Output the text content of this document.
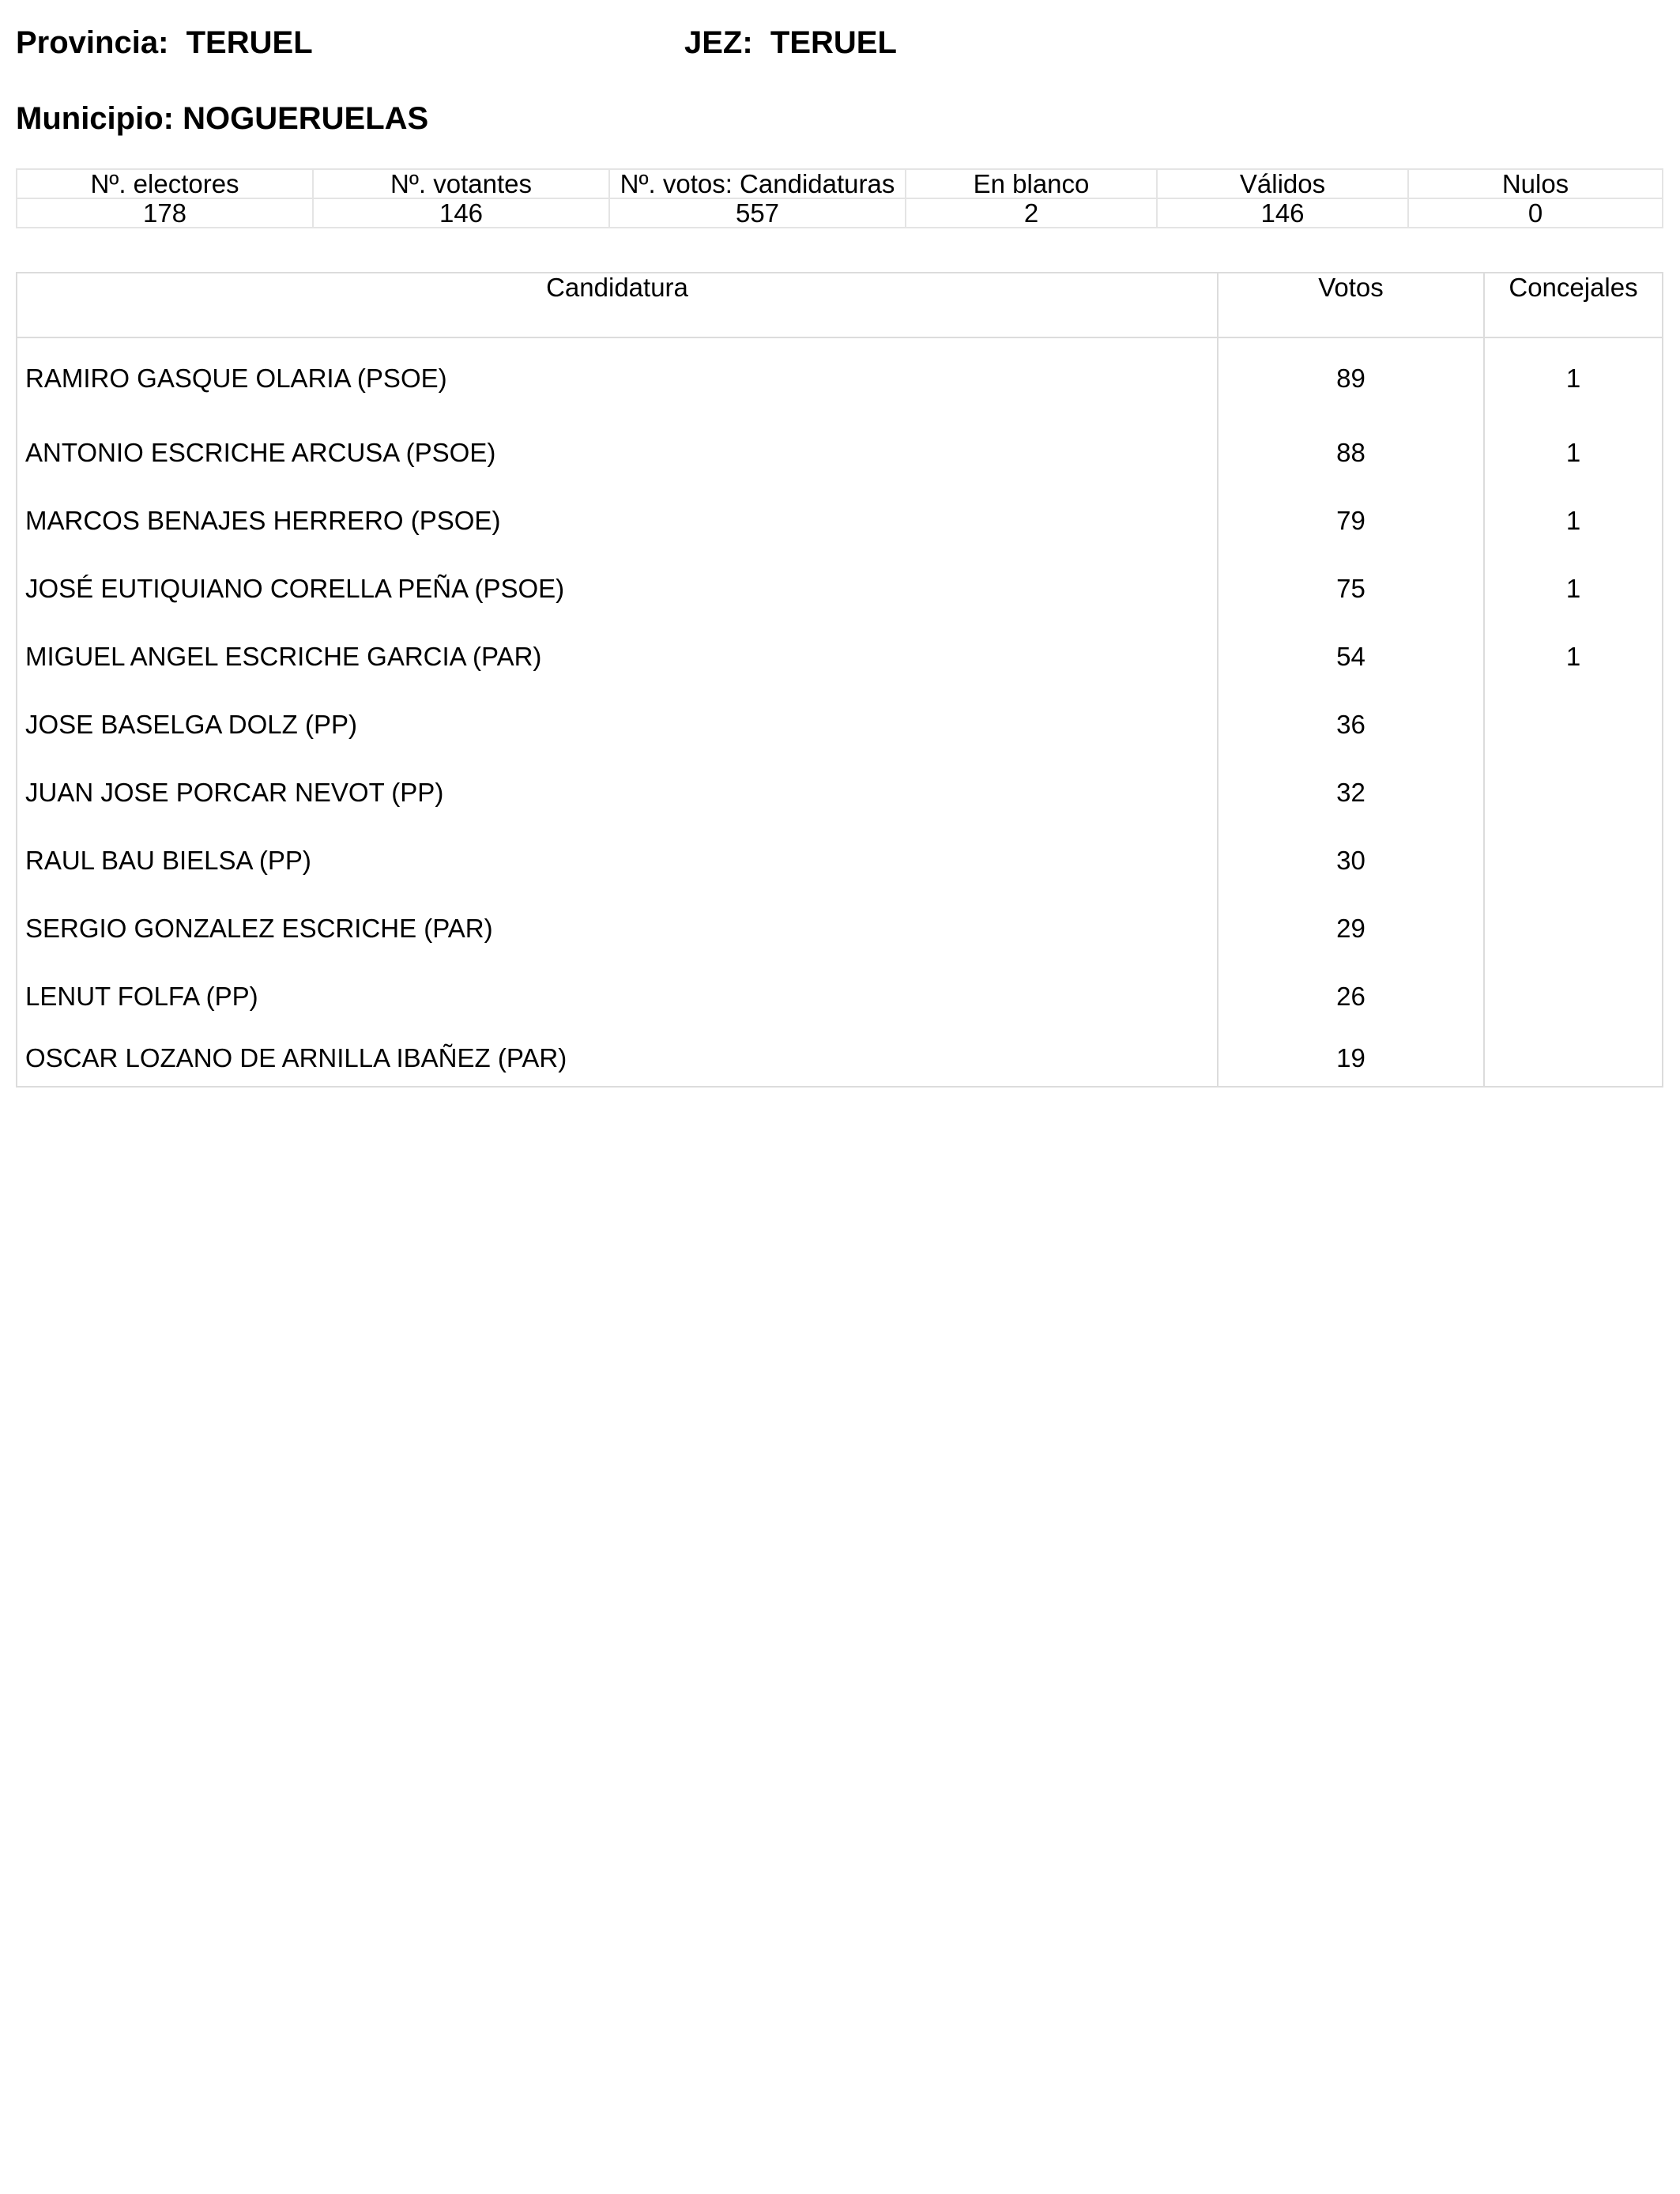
Provincia:  TERUEL	JEZ:  TERUEL
Municipio: NOGUERUELAS
Nº. electores	Nº. votantes	Nº. votos: Candidaturas	En blanco	Válidos	Nulos
178	146	557	2	146	0
Candidatura	Votos	Concejales
RAMIRO GASQUE OLARIA (PSOE)	89	1
ANTONIO ESCRICHE ARCUSA (PSOE)	88	1
MARCOS BENAJES HERRERO (PSOE)	79	1
JOSÉ EUTIQUIANO CORELLA PEÑA (PSOE)	75	1
MIGUEL ANGEL ESCRICHE GARCIA (PAR)	54	1
JOSE BASELGA DOLZ (PP)	36	
JUAN JOSE PORCAR NEVOT (PP)	32	
RAUL BAU BIELSA (PP)	30	
SERGIO GONZALEZ ESCRICHE (PAR)	29	
LENUT FOLFA (PP)	26	
OSCAR LOZANO DE ARNILLA IBAÑEZ (PAR)	19	
